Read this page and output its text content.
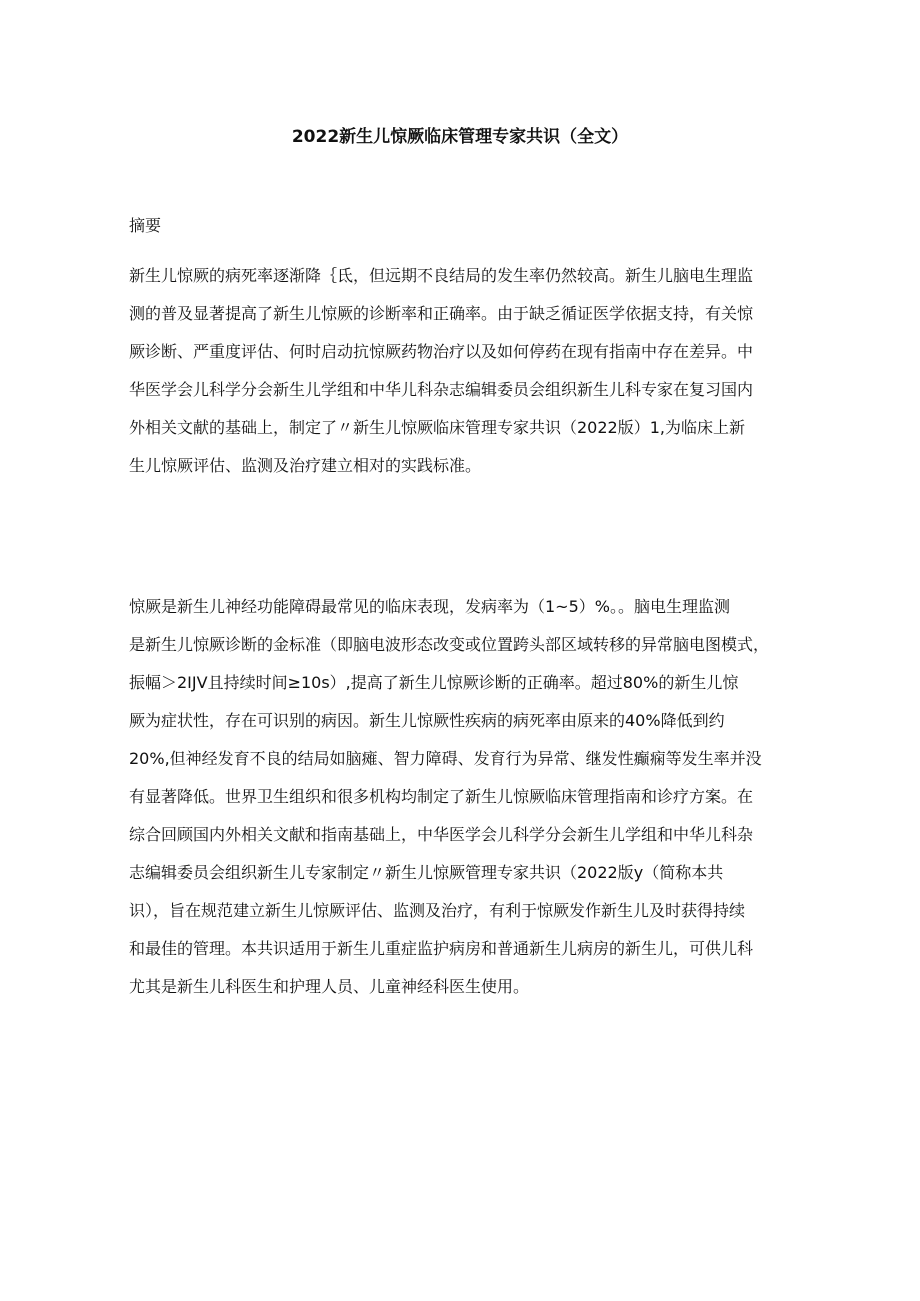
2022新生儿惊厥临床管理专家共识（全文）
摘要
新生儿惊厥的病死率逐渐降｛氐，但远期不良结局的发生率仍然较高。新生儿脑电生理监
测的普及显著提高了新生儿惊厥的诊断率和正确率。由于缺乏循证医学依据支持，有关惊
厥诊断、严重度评估、何时启动抗惊厥药物治疗以及如何停药在现有指南中存在差异。中
华医学会儿科学分会新生儿学组和中华儿科杂志编辑委员会组织新生儿科专家在复习国内
外相关文献的基础上，制定了〃新生儿惊厥临床管理专家共识（2022版）1,为临床上新
生儿惊厥评估、监测及治疗建立相对的实践标准。
惊厥是新生儿神经功能障碍最常见的临床表现，发病率为（1~5）%。。脑电生理监测
是新生儿惊厥诊断的金标准（即脑电波形态改变或位置跨头部区域转移的异常脑电图模式，
振幅＞2IJV且持续时间≥10s）,提高了新生儿惊厥诊断的正确率。超过80%的新生儿惊
厥为症状性，存在可识别的病因。新生儿惊厥性疾病的病死率由原来的40%降低到约
20%,但神经发育不良的结局如脑瘫、智力障碍、发育行为异常、继发性癫痫等发生率并没
有显著降低。世界卫生组织和很多机构均制定了新生儿惊厥临床管理指南和诊疗方案。在
综合回顾国内外相关文献和指南基础上，中华医学会儿科学分会新生儿学组和中华儿科杂
志编辑委员会组织新生儿专家制定〃新生儿惊厥管理专家共识（2022版y（简称本共
识），旨在规范建立新生儿惊厥评估、监测及治疗，有利于惊厥发作新生儿及时获得持续
和最佳的管理。本共识适用于新生儿重症监护病房和普通新生儿病房的新生儿，可供儿科
尤其是新生儿科医生和护理人员、儿童神经科医生使用。
